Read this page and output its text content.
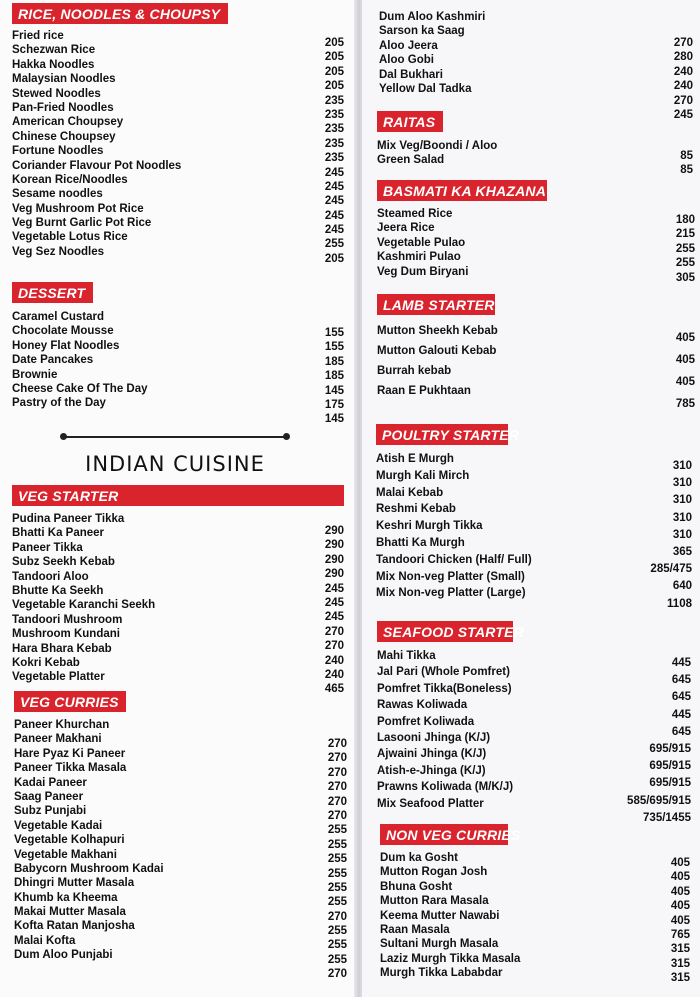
RICE, NOODLES & CHOUPSY
Fried rice
Schezwan Rice
Hakka Noodles
Malaysian Noodles
Stewed Noodles
Pan-Fried Noodles
American Choupsey
Chinese Choupsey
Fortune Noodles
Coriander Flavour Pot Noodles
Korean Rice/Noodles
Sesame noodles
Veg Mushroom Pot Rice
Veg Burnt Garlic Pot Rice
Vegetable Lotus Rice
Veg Sez Noodles
205
205
205
205
235
235
235
235
235
245
245
245
245
245
255
205
DESSERT
Caramel Custard
Chocolate Mousse
Honey Flat Noodles
Date Pancakes
Brownie
Cheese Cake Of The Day
Pastry of the Day
155
155
185
185
145
175
145
INDIAN CUISINE
VEG STARTER
Pudina Paneer Tikka
Bhatti Ka Paneer
Paneer Tikka
Subz Seekh Kebab
Tandoori Aloo
Bhutte Ka Seekh
Vegetable Karanchi Seekh
Tandoori Mushroom
Mushroom Kundani
Hara Bhara Kebab
Kokri Kebab
Vegetable Platter
290
290
290
290
245
245
245
270
270
240
240
465
VEG CURRIES
Paneer Khurchan
Paneer Makhani
Hare Pyaz Ki Paneer
Paneer Tikka Masala
Kadai Paneer
Saag Paneer
Subz Punjabi
Vegetable Kadai
Vegetable Kolhapuri
Vegetable Makhani
Babycorn Mushroom Kadai
Dhingri Mutter Masala
Khumb ka Kheema
Makai Mutter Masala
Kofta Ratan Manjosha
Malai Kofta
Dum Aloo Punjabi
270
270
270
270
270
270
255
255
255
255
255
255
270
255
255
255
270
Dum Aloo Kashmiri
Sarson ka Saag
Aloo Jeera
Aloo Gobi
Dal Bukhari
Yellow Dal Tadka
270
280
240
240
270
245
RAITAS
Mix Veg/Boondi / Aloo
Green Salad	85
85
BASMATI KA KHAZANA
Steamed Rice
Jeera Rice
Vegetable Pulao
Kashmiri Pulao
Veg Dum Biryani
180
215
255
255
305
LAMB STARTER
Mutton Sheekh Kebab
Mutton Galouti Kebab
Burrah kebab
Raan E Pukhtaan
405
405
405
785
POULTRY STARTER
Atish E Murgh
Murgh Kali Mirch
Malai Kebab
Reshmi Kebab
Keshri Murgh Tikka
Bhatti Ka Murgh
Tandoori Chicken (Half/ Full)
Mix Non-veg Platter (Small)
Mix Non-veg Platter (Large)
310
310
310
310
310
365
285/475
640
1108
SEAFOOD STARTER
Mahi Tikka
Jal Pari (Whole Pomfret)
Pomfret Tikka(Boneless)
Rawas Koliwada
Pomfret Koliwada
Lasooni Jhinga (K/J)
Ajwaini Jhinga (K/J)
Atish-e-Jhinga (K/J)
Prawns Koliwada (M/K/J)
Mix Seafood Platter
445
645
645
445
645
695/915
695/915
695/915
585/695/915
735/1455
NON VEG CURRIES
Dum ka Gosht
Mutton Rogan Josh
Bhuna Gosht
Mutton Rara Masala
Keema Mutter Nawabi
Raan Masala
Sultani Murgh Masala
Laziz Murgh Tikka Masala
Murgh Tikka Lababdar
405
405
405
405
405
765
315
315
315
